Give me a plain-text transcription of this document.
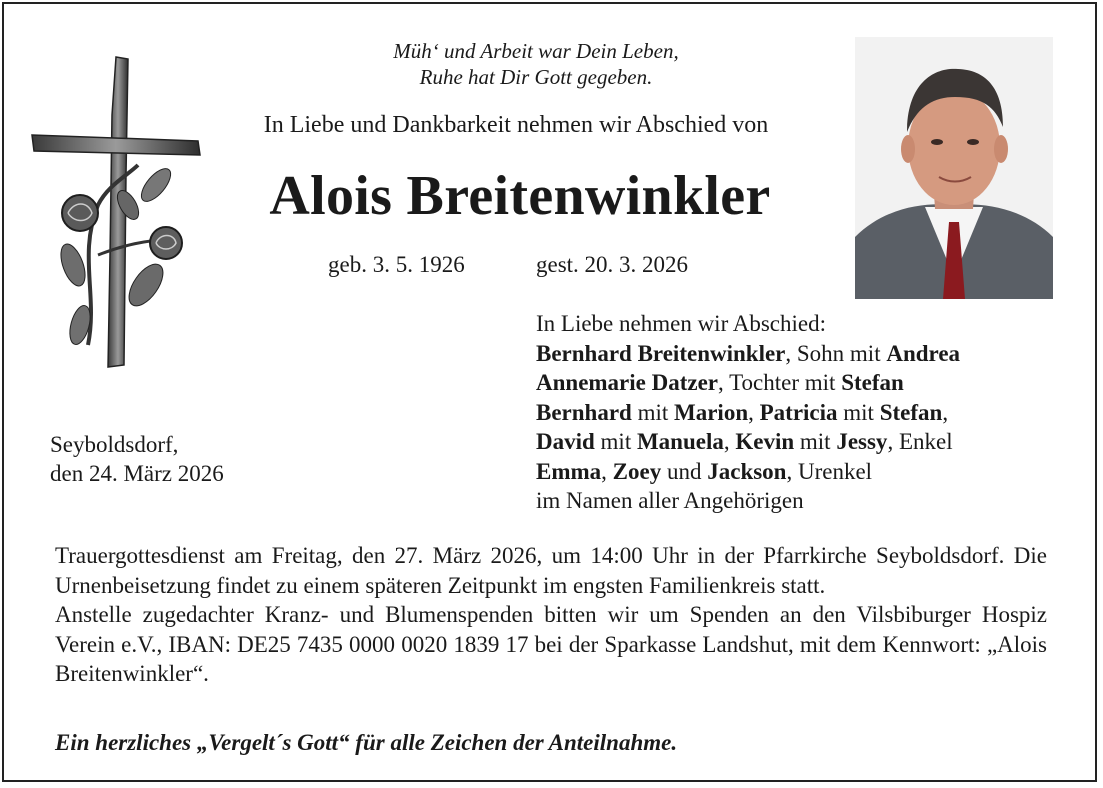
Müh‘ und Arbeit war Dein Leben,
Ruhe hat Dir Gott gegeben.
In Liebe und Dankbarkeit nehmen wir Abschied von
Alois Breitenwinkler
geb. 3. 5. 1926	gest. 20. 3. 2026
Seyboldsdorf,
den 24. März 2026
In Liebe nehmen wir Abschied:
Bernhard Breitenwinkler, Sohn mit Andrea
Annemarie Datzer, Tochter mit Stefan
Bernhard mit Marion, Patricia mit Stefan,
David mit Manuela, Kevin mit Jessy, Enkel
Emma, Zoey und Jackson, Urenkel
im Namen aller Angehörigen

Trauergottesdienst am Freitag, den 27. März 2026, um 14:00 Uhr in der Pfarrkirche Seyboldsdorf. Die Urnenbeisetzung findet zu einem späteren Zeitpunkt im engsten Familienkreis statt.

Anstelle zugedachter Kranz- und Blumenspenden bitten wir um Spenden an den Vilsbiburger Hospiz Verein e.V., IBAN: DE25 7435 0000 0020 1839 17 bei der Sparkasse Landshut, mit dem Kennwort: „Alois Breitenwinkler“.

Ein herzliches „Vergelt´s Gott“ für alle Zeichen der Anteilnahme.
